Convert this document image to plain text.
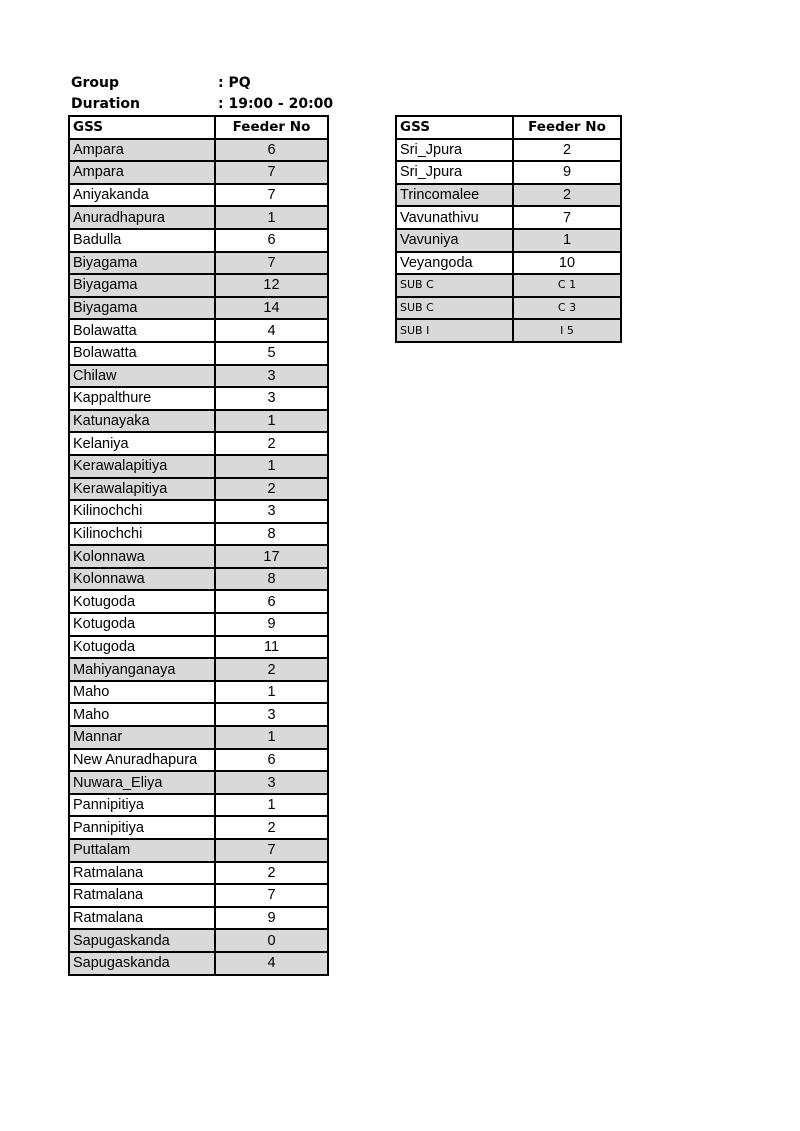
Group	: PQ
Duration	: 19:00 - 20:00
GSS	Feeder No
Ampara	6
Ampara	7
Aniyakanda	7
Anuradhapura	1
Badulla	6
Biyagama	7
Biyagama	12
Biyagama	14
Bolawatta	4
Bolawatta	5
Chilaw	3
Kappalthure	3
Katunayaka	1
Kelaniya	2
Kerawalapitiya	1
Kerawalapitiya	2
Kilinochchi	3
Kilinochchi	8
Kolonnawa	17
Kolonnawa	8
Kotugoda	6
Kotugoda	9
Kotugoda	11
Mahiyanganaya	2
Maho	1
Maho	3
Mannar	1
New Anuradhapura	6
Nuwara_Eliya	3
Pannipitiya	1
Pannipitiya	2
Puttalam	7
Ratmalana	2
Ratmalana	7
Ratmalana	9
Sapugaskanda	0
Sapugaskanda	4
GSS	Feeder No
Sri_Jpura	2
Sri_Jpura	9
Trincomalee	2
Vavunathivu	7
Vavuniya	1
Veyangoda	10
SUB C	C 1
SUB C	C 3
SUB I	I 5
